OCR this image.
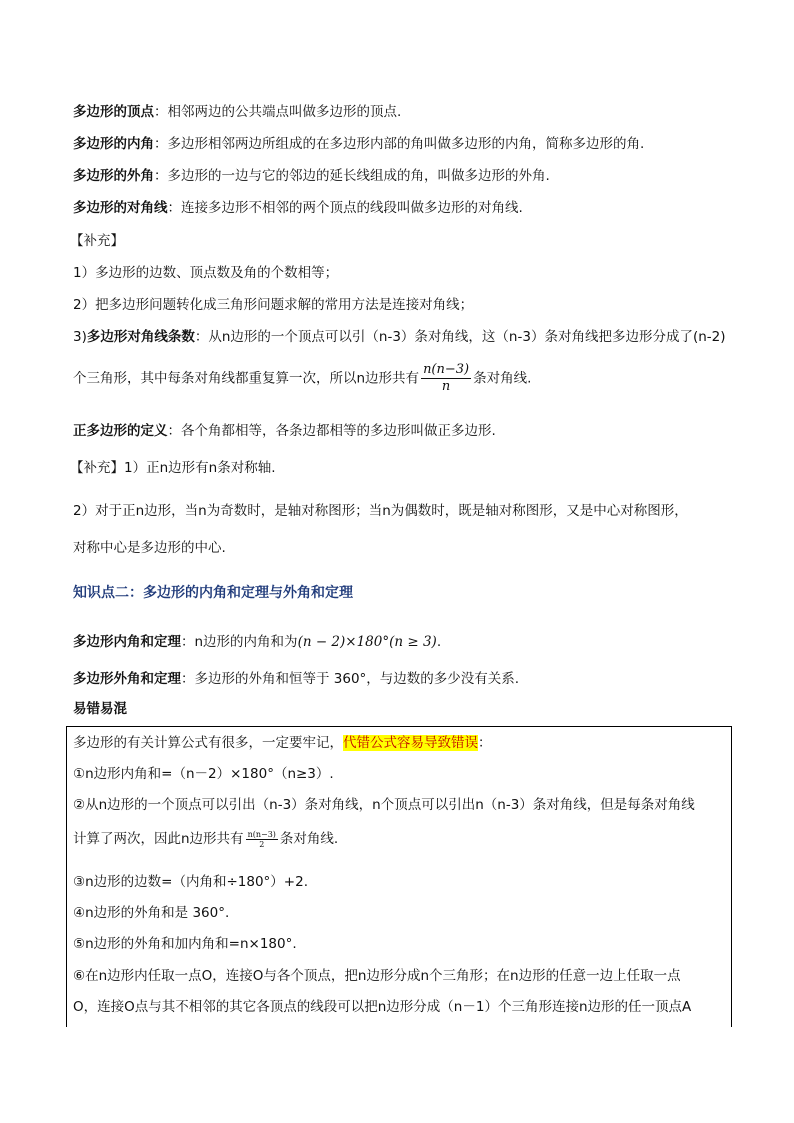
多边形的顶点：相邻两边的公共端点叫做多边形的顶点.
多边形的内角：多边形相邻两边所组成的在多边形内部的角叫做多边形的内角，简称多边形的角.
多边形的外角：多边形的一边与它的邻边的延长线组成的角，叫做多边形的外角.
多边形的对角线：连接多边形不相邻的两个顶点的线段叫做多边形的对角线.
【补充】
1）多边形的边数、顶点数及角的个数相等；
2）把多边形问题转化成三角形问题求解的常用方法是连接对角线；
3)多边形对角线条数：从n边形的一个顶点可以引（n-3）条对角线，这（n-3）条对角线把多边形分成了(n-2)
个三角形，其中每条对角线都重复算一次，所以n边形共有 $\frac{n(n-3)}{n}$ 条对角线.
正多边形的定义：各个角都相等，各条边都相等的多边形叫做正多边形.
【补充】1）正n边形有n条对称轴.
2）对于正n边形，当n为奇数时，是轴对称图形；当n为偶数时，既是轴对称图形，又是中心对称图形，
对称中心是多边形的中心.
知识点二：多边形的内角和定理与外角和定理
多边形内角和定理：n边形的内角和为(n − 2)×180°(n ≥ 3).
多边形外角和定理：多边形的外角和恒等于 360°，与边数的多少没有关系.
易错易混
多边形的有关计算公式有很多，一定要牢记，代错公式容易导致错误：
①n边形内角和=（n－2）×180°（n≥3）.
②从n边形的一个顶点可以引出（n-3）条对角线，n个顶点可以引出n（n-3）条对角线，但是每条对角线
计算了两次，因此n边形共有 $\frac{n(n-3)}{2}$ 条对角线.
③n边形的边数=（内角和÷180°）+2.
④n边形的外角和是 360°.
⑤n边形的外角和加内角和=n×180°.
⑥在n边形内任取一点O，连接O与各个顶点，把n边形分成n个三角形；在n边形的任意一边上任取一点
O，连接O点与其不相邻的其它各顶点的线段可以把n边形分成（n－1）个三角形连接n边形的任一顶点A
